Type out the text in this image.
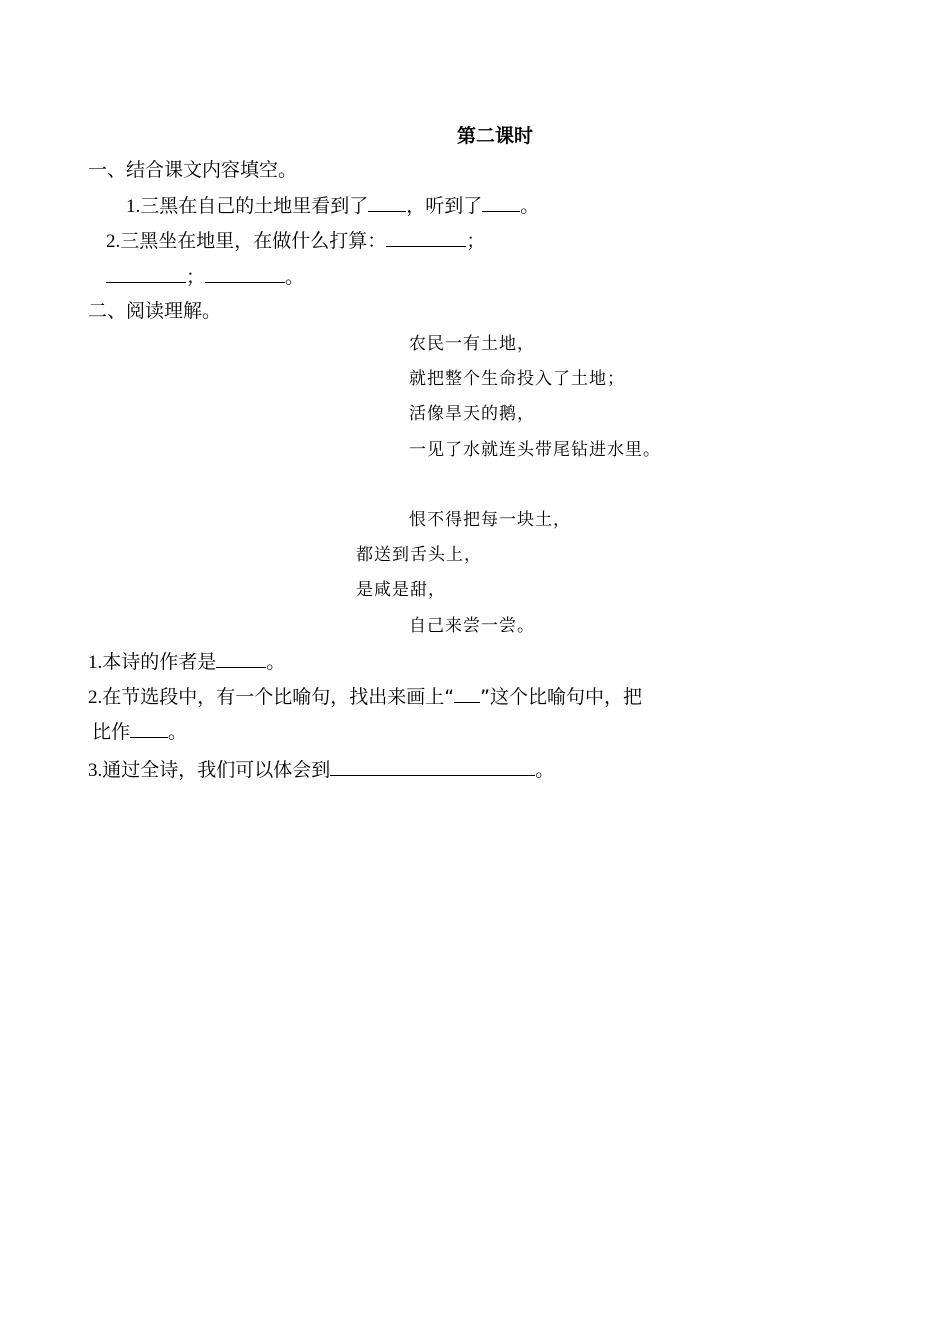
第二课时
一、结合课文内容填空。
1.三黑在自己的土地里看到了 ，听到了 。
2.三黑坐在地里，在做什么打算：	；
；	。
二、阅读理解。
农民一有土地，
就把整个生命投入了土地；
活像旱天的鹅，
一见了水就连头带尾钻进水里。
恨不得把每一块土，
都送到舌头上，
是咸是甜，
自己来尝一尝。
1.本诗的作者是	。
2.在节选段中，有一个比喻句，找出来画上“ ”这个比喻句中，把
比作 。
3.通过全诗，我们可以体会到	。
